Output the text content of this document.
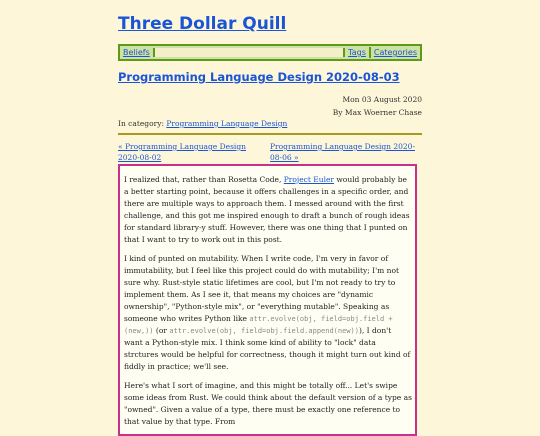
Three Dollar Quill
Beliefs	Tags	Categories
Programming Language Design 2020-08-03
Mon 03 August 2020
By Max Woerner Chase
In category: Programming Language Design
« Programming Language Design 2020-08-02
Programming Language Design 2020-08-06 »

I realized that, rather than Rosetta Code, Project Euler would probably be a better starting point, because it offers challenges in a specific order, and there are multiple ways to approach them. I messed around with the first challenge, and this got me inspired enough to draft a bunch of rough ideas for standard library-y stuff. However, there was one thing that I punted on that I want to try to work out in this post.

I kind of punted on mutability. When I write code, I'm very in favor of immutability, but I feel like this project could do with mutability; I'm not sure why. Rust-style static lifetimes are cool, but I'm not ready to try to implement them. As I see it, that means my choices are "dynamic ownership", "Python-style mix", or "everything mutable". Speaking as someone who writes Python like attr.evolve(obj, field=obj.field + (new,)) (or attr.evolve(obj, field=obj.field.append(new))), I don't want a Python-style mix. I think some kind of ability to "lock" data strctures would be helpful for correctness, though it might turn out kind of fiddly in practice; we'll see.

Here's what I sort of imagine, and this might be totally off... Let's swipe some ideas from Rust. We could think about the default version of a type as "owned". Given a value of a type, there must be exactly one reference to that value by that type. From
